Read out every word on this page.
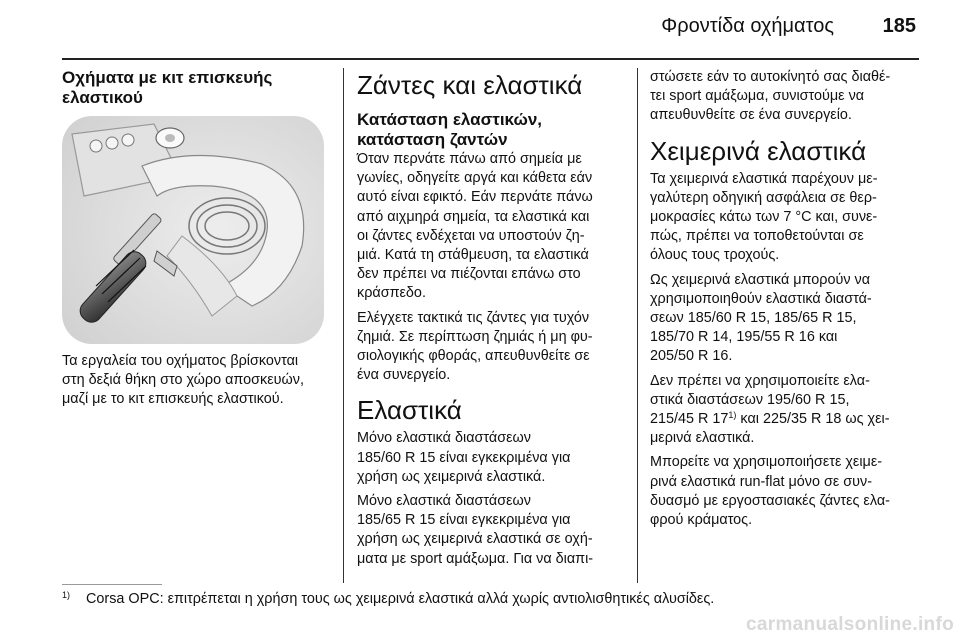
Φροντίδα οχήματος 185
Οχήματα με κιτ επισκευής
ελαστικού

Τα εργαλεία του οχήματος βρίσκονται
στη δεξιά θήκη στο χώρο αποσκευών,
μαζί με το κιτ επισκευής ελαστικού.

Ζάντες και ελαστικά
Κατάσταση ελαστικών,
κατάσταση ζαντών

Όταν περνάτε πάνω από σημεία με
γωνίες, οδηγείτε αργά και κάθετα εάν
αυτό είναι εφικτό. Εάν περνάτε πάνω
από αιχμηρά σημεία, τα ελαστικά και
οι ζάντες ενδέχεται να υποστούν ζη-
μιά. Κατά τη στάθμευση, τα ελαστικά
δεν πρέπει να πιέζονται επάνω στο
κράσπεδο.

Ελέγχετε τακτικά τις ζάντες για τυχόν
ζημιά. Σε περίπτωση ζημιάς ή μη φυ-
σιολογικής φθοράς, απευθυνθείτε σε
ένα συνεργείο.

Ελαστικά

Μόνο ελαστικά διαστάσεων
185/60 R 15 είναι εγκεκριμένα για
χρήση ως χειμερινά ελαστικά.

Μόνο ελαστικά διαστάσεων
185/65 R 15 είναι εγκεκριμένα για
χρήση ως χειμερινά ελαστικά σε οχή-
ματα με sport αμάξωμα. Για να διαπι-

στώσετε εάν το αυτοκίνητό σας διαθέ-
τει sport αμάξωμα, συνιστούμε να
απευθυνθείτε σε ένα συνεργείο.

Χειμερινά ελαστικά

Τα χειμερινά ελαστικά παρέχουν με-
γαλύτερη οδηγική ασφάλεια σε θερ-
μοκρασίες κάτω των 7 °C και, συνε-
πώς, πρέπει να τοποθετούνται σε
όλους τους τροχούς.

Ως χειμερινά ελαστικά μπορούν να
χρησιμοποιηθούν ελαστικά διαστά-
σεων 185/60 R 15, 185/65 R 15,
185/70 R 14, 195/55 R 16 και
205/50 R 16.

Δεν πρέπει να χρησιμοποιείτε ελα-
στικά διαστάσεων 195/60 R 15,
215/45 R 17$^{1)}$ και 225/35 R 18 ως χει-
μερινά ελαστικά.

Μπορείτε να χρησιμοποιήσετε χειμε-
ρινά ελαστικά run-flat μόνο σε συν-
δυασμό με εργοστασιακές ζάντες ελα-
φρού κράματος.

$^{1)}$ Corsa OPC: επιτρέπεται η χρήση τους ως χειμερινά ελαστικά αλλά χωρίς αντιολισθητικές αλυσίδες.
carmanualsonline.info
